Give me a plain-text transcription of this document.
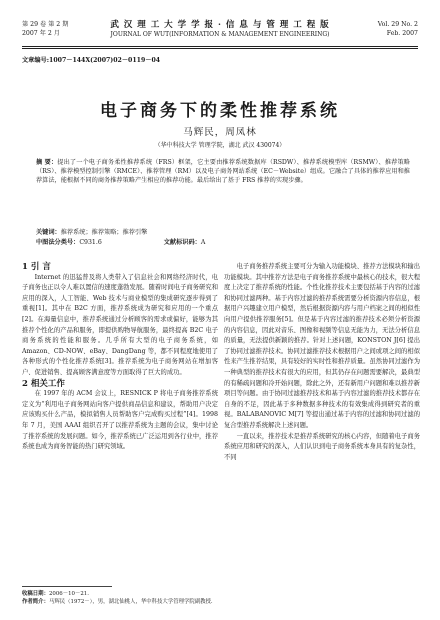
第 29 卷 第 2 期
2007 年 2 月
武 汉 理 工 大 学 学 报 · 信 息 与 管 理 工 程 版
JOURNAL OF WUT(INFORMATION & MANAGEMENT ENGINEERING)
Vol. 29 No. 2
Feb. 2007
文章编号:1007－144X(2007)02－0119－04
电子商务下的柔性推荐系统
马辉民，周凤林
（华中科技大学 管理学院，湖北 武汉 430074）
摘 要：提出了一个电子商务柔性推荐系统（FRS）框架，它主要由推荐系统数据库（RSDW）、推荐系统模型库（RSMW）、推荐策略（RS）、推荐模型控制引擎（RMCE）、推荐管理（RM）以及电子商务网站系统（EC－Website）组成。它融合了具体的推荐应用和推荐算法，能根据不同的商务推荐策略产生相应的推荐功能。最后给出了基于 FRS 推荐的实现步骤。
关键词：推荐系统；推荐策略；推荐引擎
中图法分类号：C931.6	文献标识码：A

1 引 言

Internet 的迅猛普及将人类带入了信息社会和网络经济时代，电子商务也正以令人难以置信的速度蓬勃发展。随着时间电子商务研究和应用的深入，人工智能、Web 技术与商业模型的集成研究逐步得到了重视[1]。其中在 B2C 方面，推荐系统成为研究和应用的一个重点[2]。在海量信息中，推荐系统通过分析顾客的需求或偏好，能够为其推荐个性化的产品和服务，即提供购物导航服务，最终提高 B2C 电子商务系统的性能和服务。几乎所有大型的电子商务系统，如 Amazon、CD-NOW、eBay、DangDang 等，都不同程度地使用了各种形式的个性化推荐系统[3]。推荐系统为电子商务网站在增加客户、促进销售、提高顾客满意度等方面取得了巨大的成功。

2 相关工作

在 1997 年的 ACM 会议上，RESNICK P 将电子商务推荐系统定义为“利用电子商务网站向客户提供商品信息和建议，帮助用户决定应该购买什么产品，模拟销售人员帮助客户完成购买过程”[4]。1998 年 7 月，美国 AAAI 组织召开了以推荐系统为主题的会议，集中讨论了推荐系统的发展问题。如今，推荐系统已广泛运用到各行业中，推荐系统也成为商务智能的热门研究领域。

电子商务推荐系统主要可分为输入功能模块、推荐方法模块和输出功能模块。其中推荐方法是电子商务推荐系统中最核心的技术，很大程度上决定了推荐系统的性能。个性化推荐技术主要包括基于内容的过滤和协同过滤两种。基于内容过滤的推荐系统需要分析资源内容信息，根据用户兴趣建立用户模型，然后根据资源内容与用户档案之间的相似性向用户提供推荐服务[5]。但是基于内容过滤的推荐技术必须分析资源的内容信息，因此对音乐、图像和视频等信息无能为力，无法分析信息的质量，无法提供新颖的推荐。针对上述问题，KONSTON J[6] 提出了协同过滤推荐技术。协同过滤推荐技术根据用户之间或项之间的相似性来产生推荐结果，具有较好的实时性和推荐质量。虽然协同过滤作为一种典型的推荐技术有很大的应用，但其仍存在问题需要解决，最典型的有稀疏问题和冷开始问题，除此之外，还有新用户问题和难以推荐新项目等问题。由于协同过滤推荐技术和基于内容过滤的推荐技术都存在自身的不足，因此基于多种数据多种技术的有效集成得到研究者的重视。BALABANOVIC M[7] 等提出通过基于内容的过滤和协同过滤的复合型推荐系统解决上述问题。

一直以来，推荐技术是推荐系统研究的核心内容，但随着电子商务系统应用和研究的深入，人们认识到电子商务系统本身具有的复杂性，不同

收稿日期：2006－10－21.
作者简介：马辉民（1972－），男，湖北仙桃人，华中科技大学管理学院副教授.
